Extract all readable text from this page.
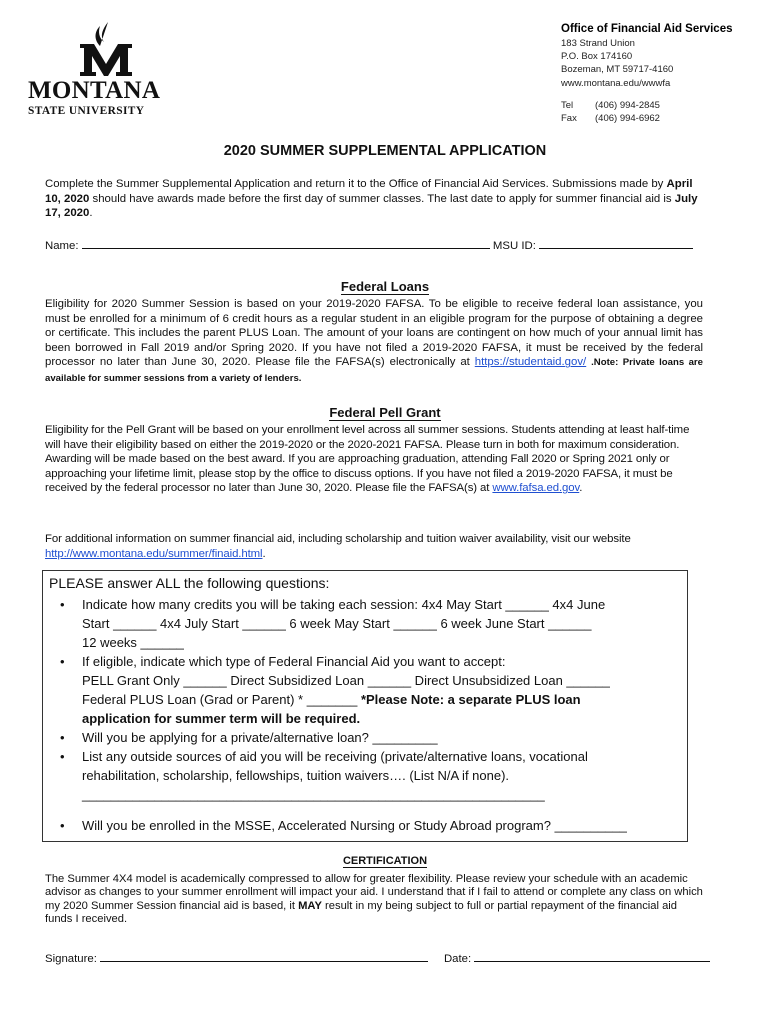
MONTANA
STATE UNIVERSITY
Office of Financial Aid Services
183 Strand Union
P.O. Box 174160
Bozeman, MT 59717-4160
www.montana.edu/wwwfa
Tel (406) 994-2845
Fax (406) 994-6962
2020 SUMMER SUPPLEMENTAL APPLICATION
Complete the Summer Supplemental Application and return it to the Office of Financial Aid Services. Submissions made by April 10, 2020 should have awards made before the first day of summer classes. The last date to apply for summer financial aid is July 17, 2020.
Name:	MSU ID:
Federal Loans
Eligibility for 2020 Summer Session is based on your 2019-2020 FAFSA. To be eligible to receive federal loan assistance, you must be enrolled for a minimum of 6 credit hours as a regular student in an eligible program for the purpose of obtaining a degree or certificate. This includes the parent PLUS Loan. The amount of your loans are contingent on how much of your annual limit has been borrowed in Fall 2019 and/or Spring 2020. If you have not filed a 2019-2020 FAFSA, it must be received by the federal processor no later than June 30, 2020. Please file the FAFSA(s) electronically at https://studentaid.gov/ .Note: Private loans are available for summer sessions from a variety of lenders.
Federal Pell Grant
Eligibility for the Pell Grant will be based on your enrollment level across all summer sessions. Students attending at least half-time will have their eligibility based on either the 2019-2020 or the 2020-2021 FAFSA. Please turn in both for maximum consideration. Awarding will be made based on the best award. If you are approaching graduation, attending Fall 2020 or Spring 2021 only or approaching your lifetime limit, please stop by the office to discuss options. If you have not filed a 2019-2020 FAFSA, it must be received by the federal processor no later than June 30, 2020. Please file the FAFSA(s) at www.fafsa.ed.gov.
For additional information on summer financial aid, including scholarship and tuition waiver availability, visit our website http://www.montana.edu/summer/finaid.html.
PLEASE answer ALL the following questions:
• Indicate how many credits you will be taking each session: 4x4 May Start ______ 4x4 June
Start ______ 4x4 July Start ______ 6 week May Start ______ 6 week June Start ______
12 weeks ______
• If eligible, indicate which type of Federal Financial Aid you want to accept:
PELL Grant Only ______ Direct Subsidized Loan ______ Direct Unsubsidized Loan ______
Federal PLUS Loan (Grad or Parent) * _______ *Please Note: a separate PLUS loan
application for summer term will be required.
• Will you be applying for a private/alternative loan? _________
• List any outside sources of aid you will be receiving (private/alternative loans, vocational
rehabilitation, scholarship, fellowships, tuition waivers…. (List N/A if none).
________________________________________________________________
• Will you be enrolled in the MSSE, Accelerated Nursing or Study Abroad program? __________
CERTIFICATION
The Summer 4X4 model is academically compressed to allow for greater flexibility. Please review your schedule with an academic advisor as changes to your summer enrollment will impact your aid. I understand that if I fail to attend or complete any class on which my 2020 Summer Session financial aid is based, it MAY result in my being subject to full or partial repayment of the financial aid funds I received.
Signature:	Date:
